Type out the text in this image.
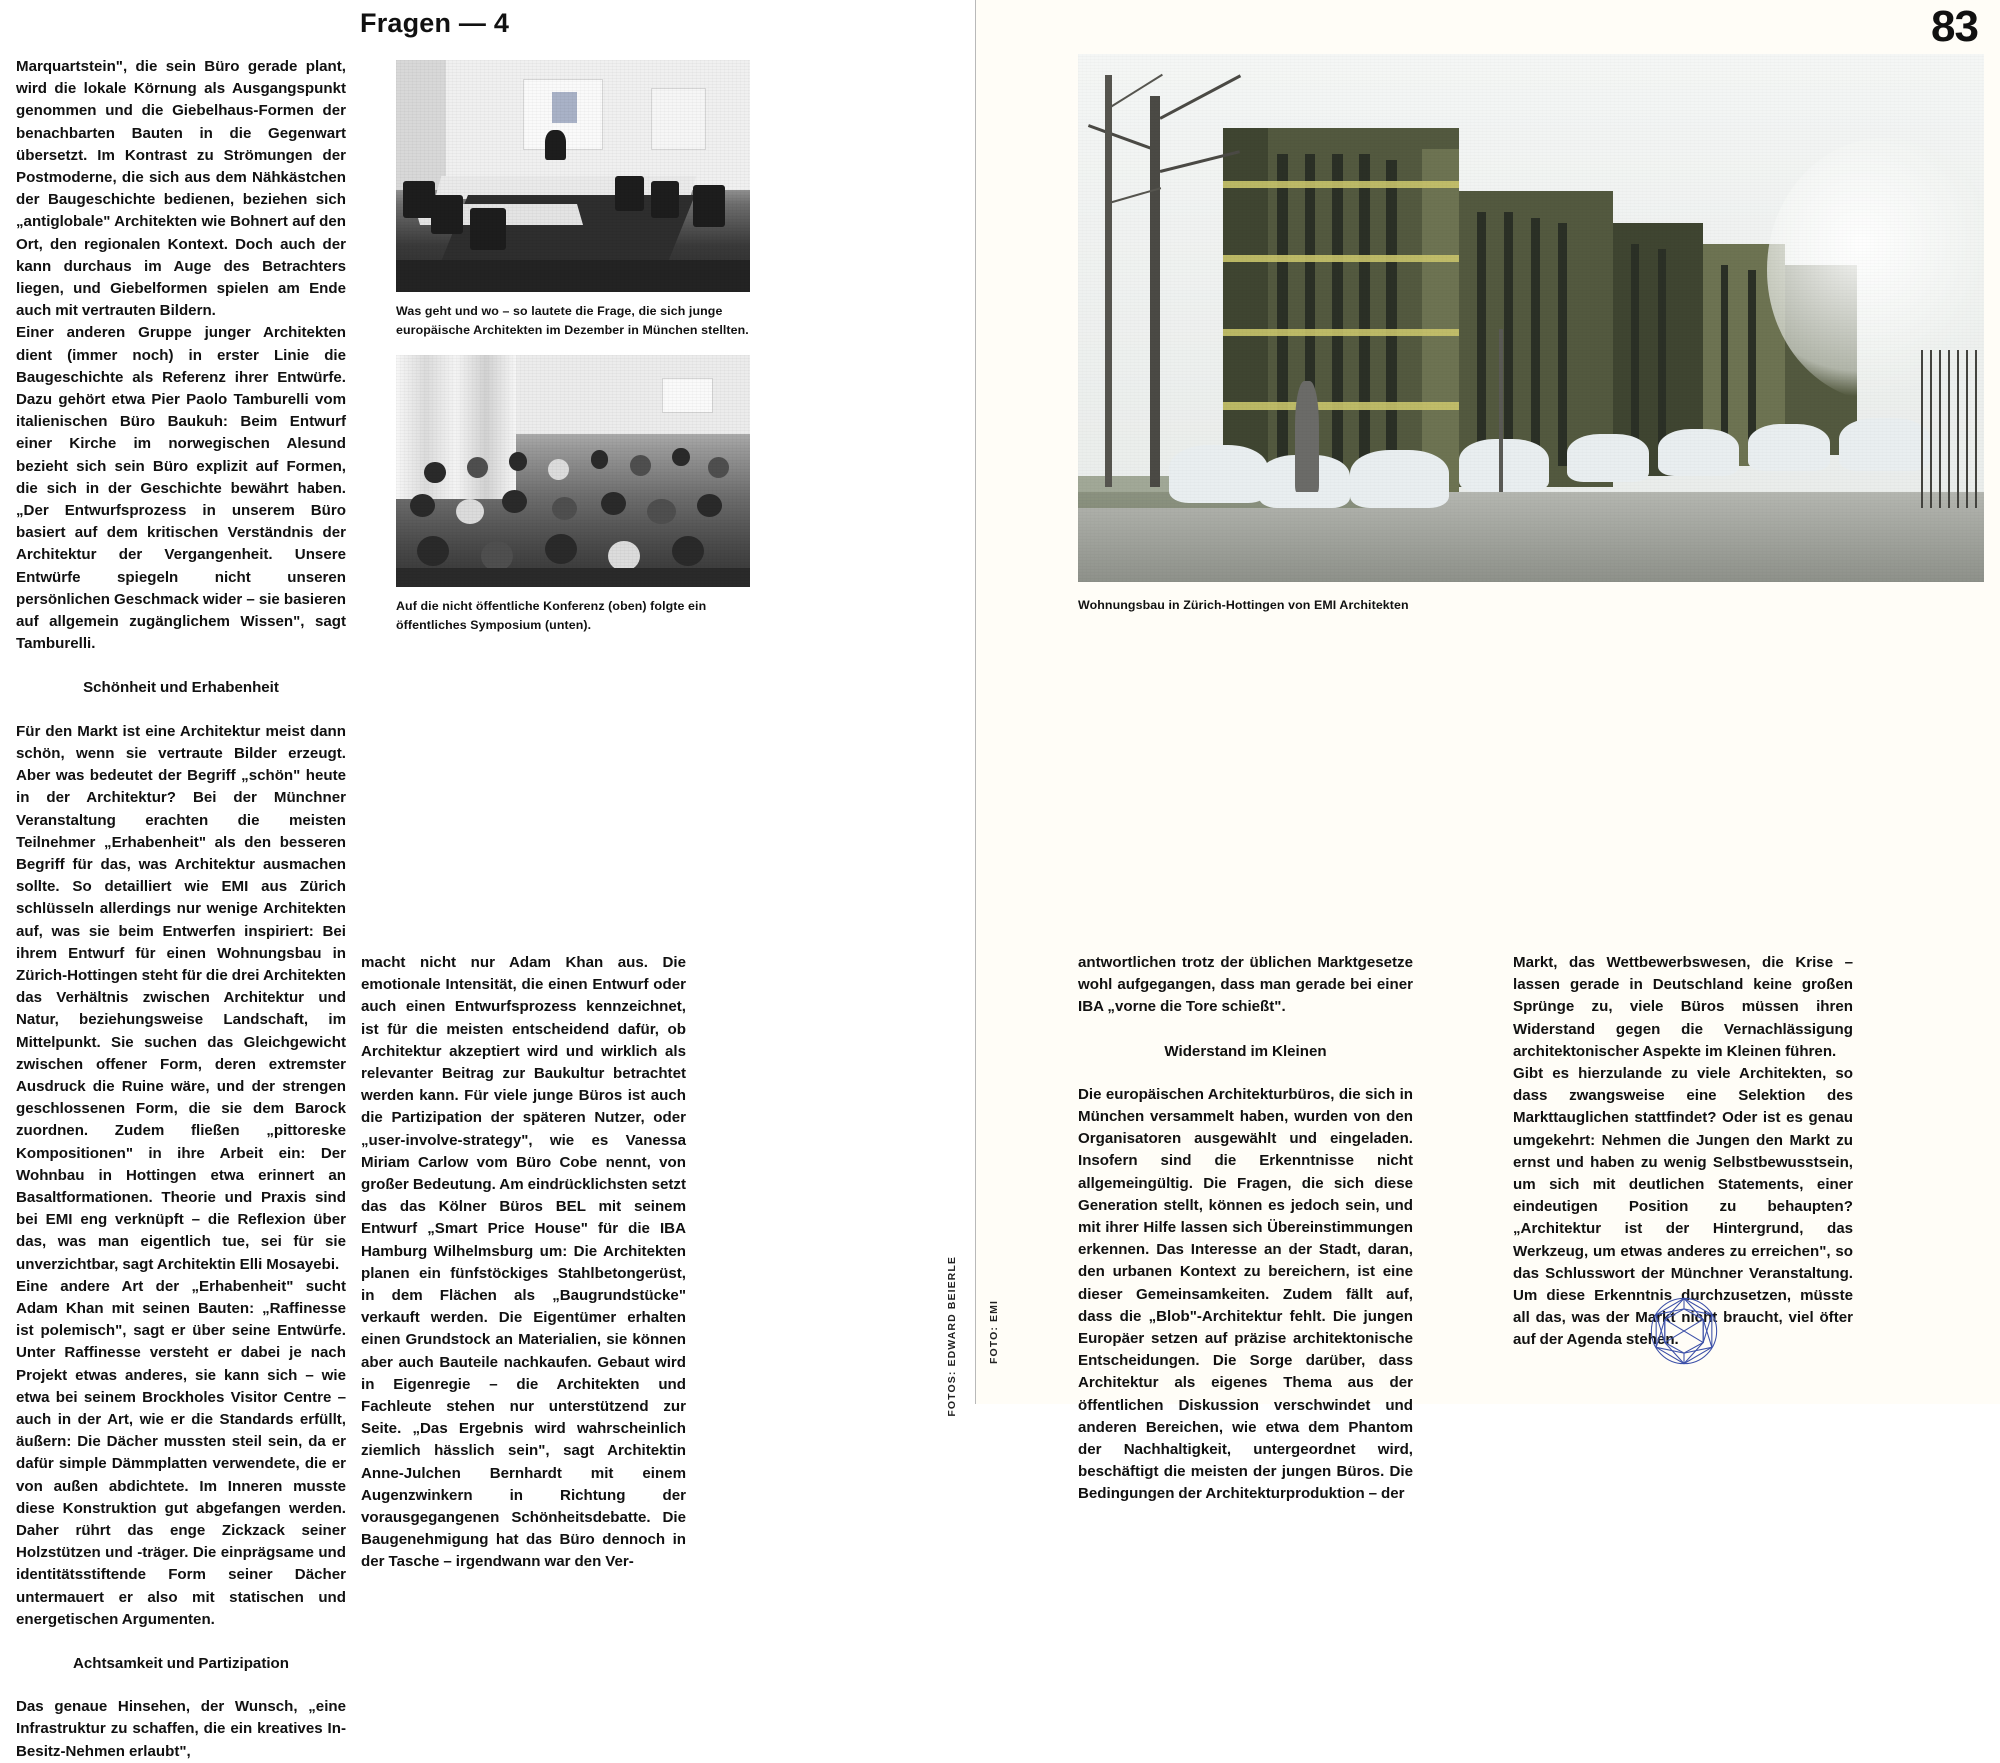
Fragen — 4	83

Marquartstein", die sein Büro gerade plant, wird die lokale Körnung als Ausgangspunkt genommen und die Giebelhaus-Formen der benachbarten Bauten in die Gegenwart übersetzt. Im Kontrast zu Strömungen der Postmoderne, die sich aus dem Nähkästchen der Baugeschichte bedienen, beziehen sich „antiglobale" Architekten wie Bohnert auf den Ort, den regionalen Kontext. Doch auch der kann durchaus im Auge des Betrachters liegen, und Giebelformen spielen am Ende auch mit vertrauten Bildern.

Einer anderen Gruppe junger Architekten dient (immer noch) in erster Linie die Baugeschichte als Referenz ihrer Entwürfe. Dazu gehört etwa Pier Paolo Tamburelli vom italienischen Büro Baukuh: Beim Entwurf einer Kirche im norwegischen Alesund bezieht sich sein Büro explizit auf Formen, die sich in der Geschichte bewährt haben. „Der Entwurfsprozess in unserem Büro basiert auf dem kritischen Verständnis der Architektur der Vergangenheit. Unsere Entwürfe spiegeln nicht unseren persönlichen Geschmack wider – sie basieren auf allgemein zugänglichem Wissen", sagt Tamburelli.

Schönheit und Erhabenheit

Für den Markt ist eine Architektur meist dann schön, wenn sie vertraute Bilder erzeugt. Aber was bedeutet der Begriff „schön" heute in der Architektur? Bei der Münchner Veranstaltung erachten die meisten Teilnehmer „Erhabenheit" als den besseren Begriff für das, was Architektur ausmachen sollte. So detailliert wie EMI aus Zürich schlüsseln allerdings nur wenige Architekten auf, was sie beim Entwerfen inspiriert: Bei ihrem Entwurf für einen Wohnungsbau in Zürich-Hottingen steht für die drei Architekten das Verhältnis zwischen Architektur und Natur, beziehungsweise Landschaft, im Mittelpunkt. Sie suchen das Gleichgewicht zwischen offener Form, deren extremster Ausdruck die Ruine wäre, und der strengen geschlossenen Form, die sie dem Barock zuordnen. Zudem fließen „pittoreske Kompositionen" in ihre Arbeit ein: Der Wohnbau in Hottingen etwa erinnert an Basaltformationen. Theorie und Praxis sind bei EMI eng verknüpft – die Reflexion über das, was man eigentlich tue, sei für sie unverzichtbar, sagt Architektin Elli Mosayebi.

Eine andere Art der „Erhabenheit" sucht Adam Khan mit seinen Bauten: „Raffinesse ist polemisch", sagt er über seine Entwürfe. Unter Raffinesse versteht er dabei je nach Projekt etwas anderes, sie kann sich – wie etwa bei seinem Brockholes Visitor Centre – auch in der Art, wie er die Standards erfüllt, äußern: Die Dächer mussten steil sein, da er dafür simple Dämmplatten verwendete, die er von außen abdichtete. Im Inneren musste diese Konstruktion gut abgefangen werden. Daher rührt das enge Zickzack seiner Holzstützen und -träger. Die einprägsame und identitätsstiftende Form seiner Dächer untermauert er also mit statischen und energetischen Argumenten.

Achtsamkeit und Partizipation

Das genaue Hinsehen, der Wunsch, „eine Infrastruktur zu schaffen, die ein kreatives In-Besitz-Nehmen erlaubt",

Was geht und wo – so lautete die Frage, die sich junge europäische Architekten im Dezember in München stellten.
Auf die nicht öffentliche Konferenz (oben) folgte ein öffentliches Symposium (unten).
Wohnungsbau in Zürich-Hottingen von EMI Architekten

macht nicht nur Adam Khan aus. Die emotionale Intensität, die einen Entwurf oder auch einen Entwurfsprozess kennzeichnet, ist für die meisten entscheidend dafür, ob Architektur akzeptiert wird und wirklich als relevanter Beitrag zur Baukultur betrachtet werden kann. Für viele junge Büros ist auch die Partizipation der späteren Nutzer, oder „user-involve-strategy", wie es Vanessa Miriam Carlow vom Büro Cobe nennt, von großer Bedeutung. Am eindrücklichsten setzt das das Kölner Büros BEL mit seinem Entwurf „Smart Price House" für die IBA Hamburg Wilhelmsburg um: Die Architekten planen ein fünfstöckiges Stahlbetongerüst, in dem Flächen als „Baugrundstücke" verkauft werden. Die Eigentümer erhalten einen Grundstock an Materialien, sie können aber auch Bauteile nachkaufen. Gebaut wird in Eigenregie – die Architekten und Fachleute stehen nur unterstützend zur Seite. „Das Ergebnis wird wahrscheinlich ziemlich hässlich sein", sagt Architektin Anne-Julchen Bernhardt mit einem Augenzwinkern in Richtung der vorausgegangenen Schönheitsdebatte. Die Baugenehmigung hat das Büro dennoch in der Tasche – irgendwann war den Ver-

antwortlichen trotz der üblichen Marktgesetze wohl aufgegangen, dass man gerade bei einer IBA „vorne die Tore schießt".

Widerstand im Kleinen

Die europäischen Architekturbüros, die sich in München versammelt haben, wurden von den Organisatoren ausgewählt und eingeladen. Insofern sind die Erkenntnisse nicht allgemeingültig. Die Fragen, die sich diese Generation stellt, können es jedoch sein, und mit ihrer Hilfe lassen sich Übereinstimmungen erkennen. Das Interesse an der Stadt, daran, den urbanen Kontext zu bereichern, ist eine dieser Gemeinsamkeiten. Zudem fällt auf, dass die „Blob"-Architektur fehlt. Die jungen Europäer setzen auf präzise architektonische Entscheidungen. Die Sorge darüber, dass Architektur als eigenes Thema aus der öffentlichen Diskussion verschwindet und anderen Bereichen, wie etwa dem Phantom der Nachhaltigkeit, untergeordnet wird, beschäftigt die meisten der jungen Büros. Die Bedingungen der Architekturproduktion – der

Markt, das Wettbewerbswesen, die Krise – lassen gerade in Deutschland keine großen Sprünge zu, viele Büros müssen ihren Widerstand gegen die Vernachlässigung architektonischer Aspekte im Kleinen führen.

Gibt es hierzulande zu viele Architekten, so dass zwangsweise eine Selektion des Markttauglichen stattfindet? Oder ist es genau umgekehrt: Nehmen die Jungen den Markt zu ernst und haben zu wenig Selbstbewusstsein, um sich mit deutlichen Statements, einer eindeutigen Position zu behaupten? „Architektur ist der Hintergrund, das Werkzeug, um etwas anderes zu erreichen", so das Schlusswort der Münchner Veranstaltung. Um diese Erkenntnis durchzusetzen, müsste all das, was der Markt nicht braucht, viel öfter auf der Agenda stehen.

FOTOS: EDWARD BEIERLE	FOTO: EMI
